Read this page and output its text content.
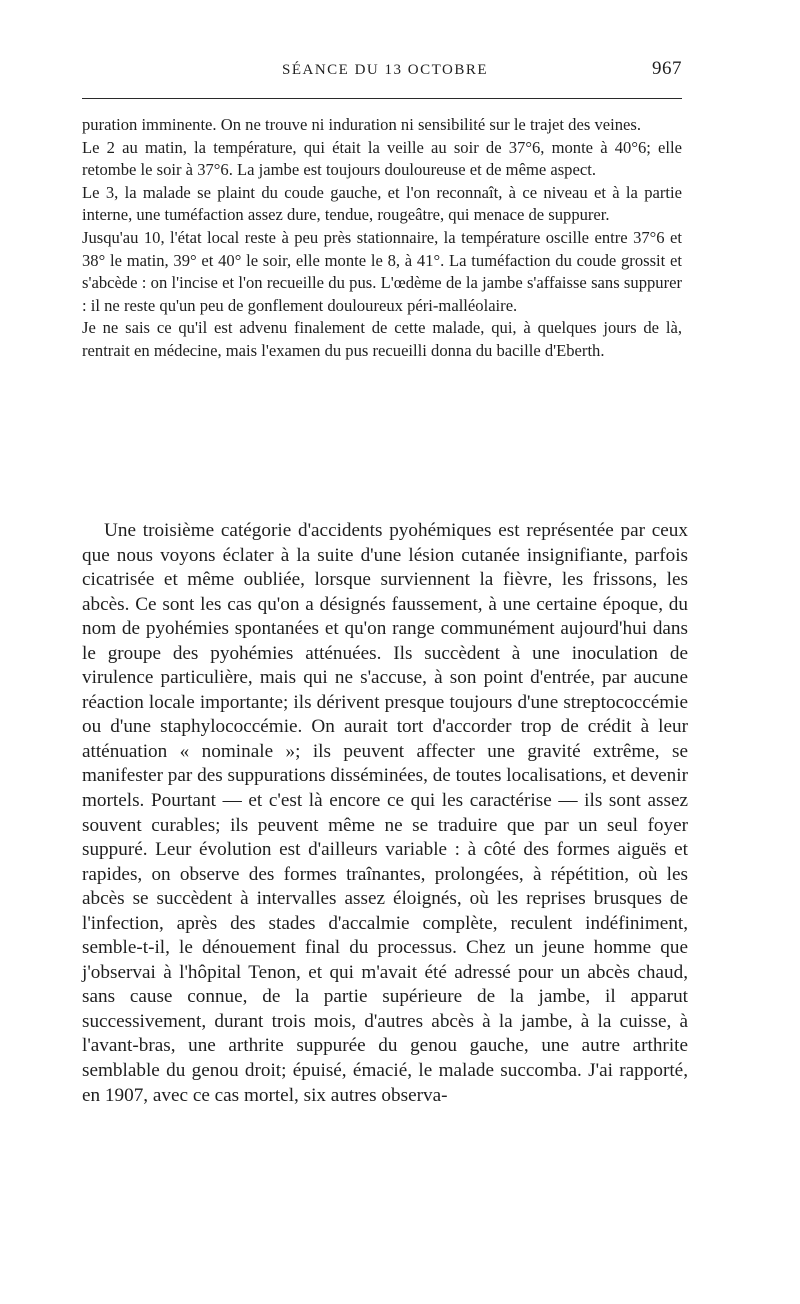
SÉANCE DU 13 OCTOBRE	967

puration imminente. On ne trouve ni induration ni sensibilité sur le trajet des veines.

Le 2 au matin, la température, qui était la veille au soir de 37°6, monte à 40°6; elle retombe le soir à 37°6. La jambe est toujours douloureuse et de même aspect.

Le 3, la malade se plaint du coude gauche, et l'on reconnaît, à ce niveau et à la partie interne, une tuméfaction assez dure, tendue, rougeâtre, qui menace de suppurer.

Jusqu'au 10, l'état local reste à peu près stationnaire, la température oscille entre 37°6 et 38° le matin, 39° et 40° le soir, elle monte le 8, à 41°. La tuméfaction du coude grossit et s'abcède : on l'incise et l'on recueille du pus. L'œdème de la jambe s'affaisse sans suppurer : il ne reste qu'un peu de gonflement douloureux péri-malléolaire.

Je ne sais ce qu'il est advenu finalement de cette malade, qui, à quelques jours de là, rentrait en médecine, mais l'examen du pus recueilli donna du bacille d'Eberth.

Une troisième catégorie d'accidents pyohémiques est représentée par ceux que nous voyons éclater à la suite d'une lésion cutanée insignifiante, parfois cicatrisée et même oubliée, lorsque surviennent la fièvre, les frissons, les abcès. Ce sont les cas qu'on a désignés faussement, à une certaine époque, du nom de pyohémies spontanées et qu'on range communément aujourd'hui dans le groupe des pyohémies atténuées. Ils succèdent à une inoculation de virulence particulière, mais qui ne s'accuse, à son point d'entrée, par aucune réaction locale importante; ils dérivent presque toujours d'une streptococcémie ou d'une staphylococcémie. On aurait tort d'accorder trop de crédit à leur atténuation « nominale »; ils peuvent affecter une gravité extrême, se manifester par des suppurations disséminées, de toutes localisations, et devenir mortels. Pourtant — et c'est là encore ce qui les caractérise — ils sont assez souvent curables; ils peuvent même ne se traduire que par un seul foyer suppuré. Leur évolution est d'ailleurs variable : à côté des formes aiguës et rapides, on observe des formes traînantes, prolongées, à répétition, où les abcès se succèdent à intervalles assez éloignés, où les reprises brusques de l'infection, après des stades d'accalmie complète, reculent indéfiniment, semble-t-il, le dénouement final du processus. Chez un jeune homme que j'observai à l'hôpital Tenon, et qui m'avait été adressé pour un abcès chaud, sans cause connue, de la partie supérieure de la jambe, il apparut successivement, durant trois mois, d'autres abcès à la jambe, à la cuisse, à l'avant-bras, une arthrite suppurée du genou gauche, une autre arthrite semblable du genou droit; épuisé, émacié, le malade succomba. J'ai rapporté, en 1907, avec ce cas mortel, six autres observa-
